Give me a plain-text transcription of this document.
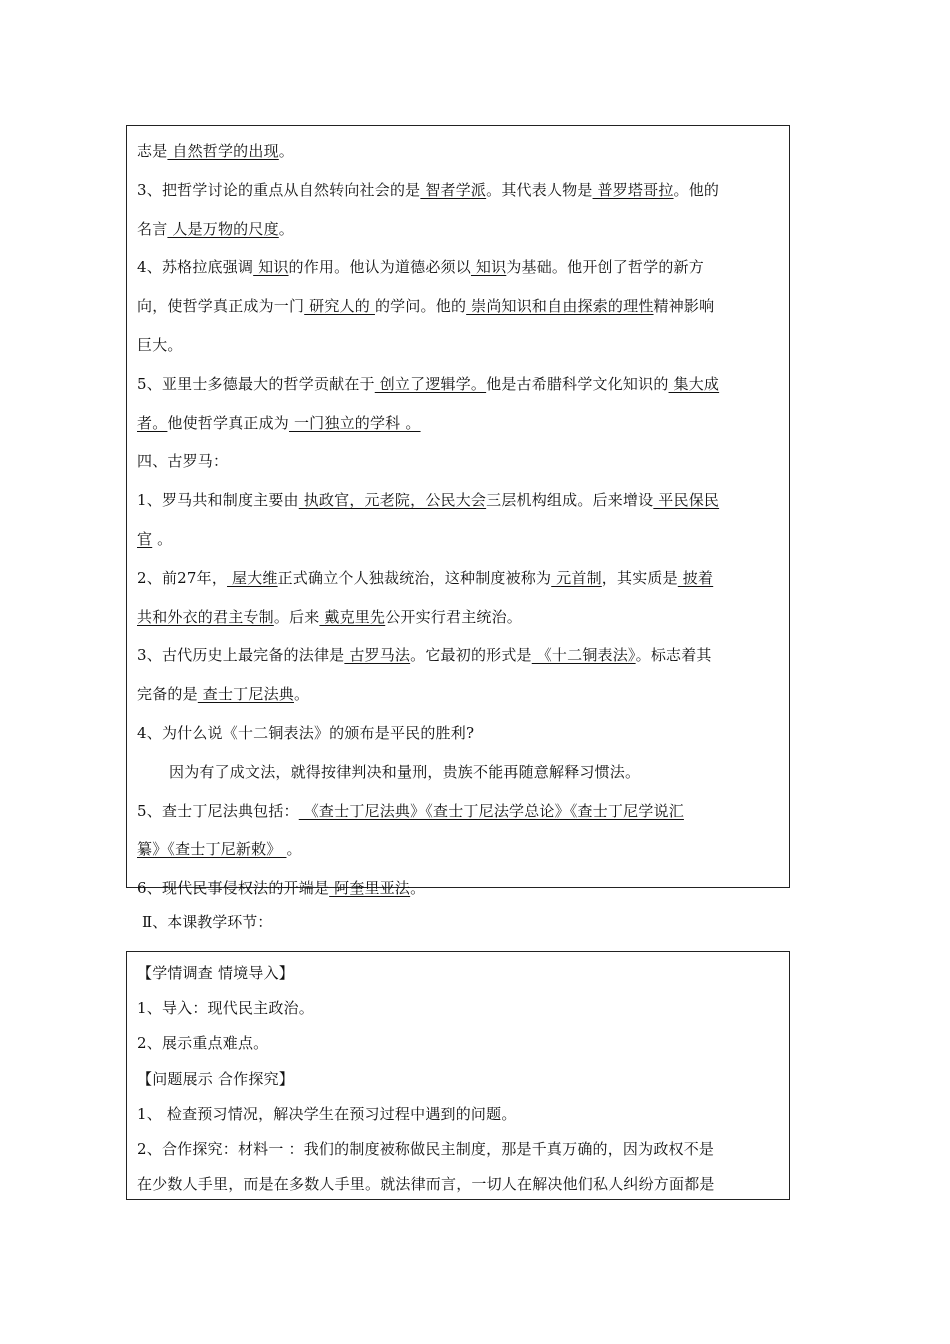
志是 自然哲学的出现。
3、把哲学讨论的重点从自然转向社会的是 智者学派。其代表人物是 普罗塔哥拉。他的
名言 人是万物的尺度。
4、苏格拉底强调 知识的作用。他认为道德必须以 知识为基础。他开创了哲学的新方
向，使哲学真正成为一门 研究人的 的学问。他的 崇尚知识和自由探索的理性精神影响
巨大。
5、亚里士多德最大的哲学贡献在于 创立了逻辑学。他是古希腊科学文化知识的 集大成
者。他使哲学真正成为 一门独立的学科 。
四、古罗马：
1、罗马共和制度主要由 执政官，元老院，公民大会三层机构组成。后来增设 平民保民
官 。
2、前27年， 屋大维正式确立个人独裁统治，这种制度被称为 元首制，其实质是 披着
共和外衣的君主专制。后来 戴克里先公开实行君主统治。
3、古代历史上最完备的法律是 古罗马法。它最初的形式是 《十二铜表法》。标志着其
完备的是 查士丁尼法典。
4、为什么说《十二铜表法》的颁布是平民的胜利?
因为有了成文法，就得按律判决和量刑，贵族不能再随意解释习惯法。
5、查士丁尼法典包括： 《查士丁尼法典》《查士丁尼法学总论》《查士丁尼学说汇
纂》《查士丁尼新敕》 。
6、现代民事侵权法的开端是 阿奎里亚法。
Ⅱ、本课教学环节：
【学情调查 情境导入】
1、导入：现代民主政治。
2、展示重点难点。
【问题展示 合作探究】
1、 检查预习情况，解决学生在预习过程中遇到的问题。
2、合作探究：材料一 ：我们的制度被称做民主制度，那是千真万确的，因为政权不是
在少数人手里，而是在多数人手里。就法律而言，一切人在解决他们私人纠纷方面都是
